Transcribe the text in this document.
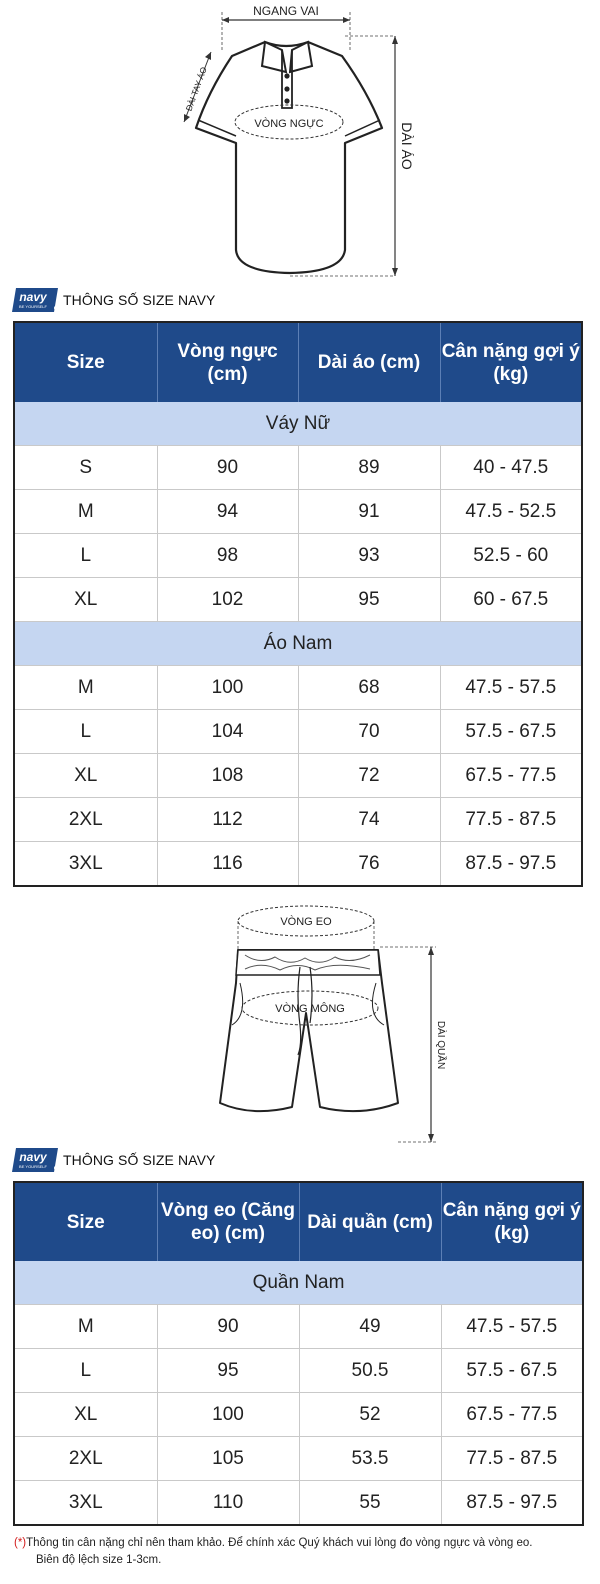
NGANG VAI
VÒNG NGỰC
DÀI TAY ÁO
DÀI ÁO
navy
BE YOURSELF THÔNG SỐ SIZE NAVY
Size	Vòng ngực (cm)	Dài áo (cm)	Cân nặng gợi ý (kg)
Váy Nữ			
S	90	89	40 - 47.5
M	94	91	47.5 - 52.5
L	98	93	52.5 - 60
XL	102	95	60 - 67.5
Áo Nam			
M	100	68	47.5 - 57.5
L	104	70	57.5 - 67.5
XL	108	72	67.5 - 77.5
2XL	112	74	77.5 - 87.5
3XL	116	76	87.5 - 97.5
VÒNG EO
VÒNG MÔNG
DÀI QUẦN
navy
BE YOURSELF THÔNG SỐ SIZE NAVY
Size	Vòng eo (Căng eo) (cm)	Dài quần (cm)	Cân nặng gợi ý (kg)
Quần Nam			
M	90	49	47.5 - 57.5
L	95	50.5	57.5 - 67.5
XL	100	52	67.5 - 77.5
2XL	105	53.5	77.5 - 87.5
3XL	110	55	87.5 - 97.5
(*)Thông tin cân nặng chỉ nên tham khảo. Để chính xác Quý khách vui lòng đo vòng ngực và vòng eo.
Biên độ lệch size 1-3cm.
